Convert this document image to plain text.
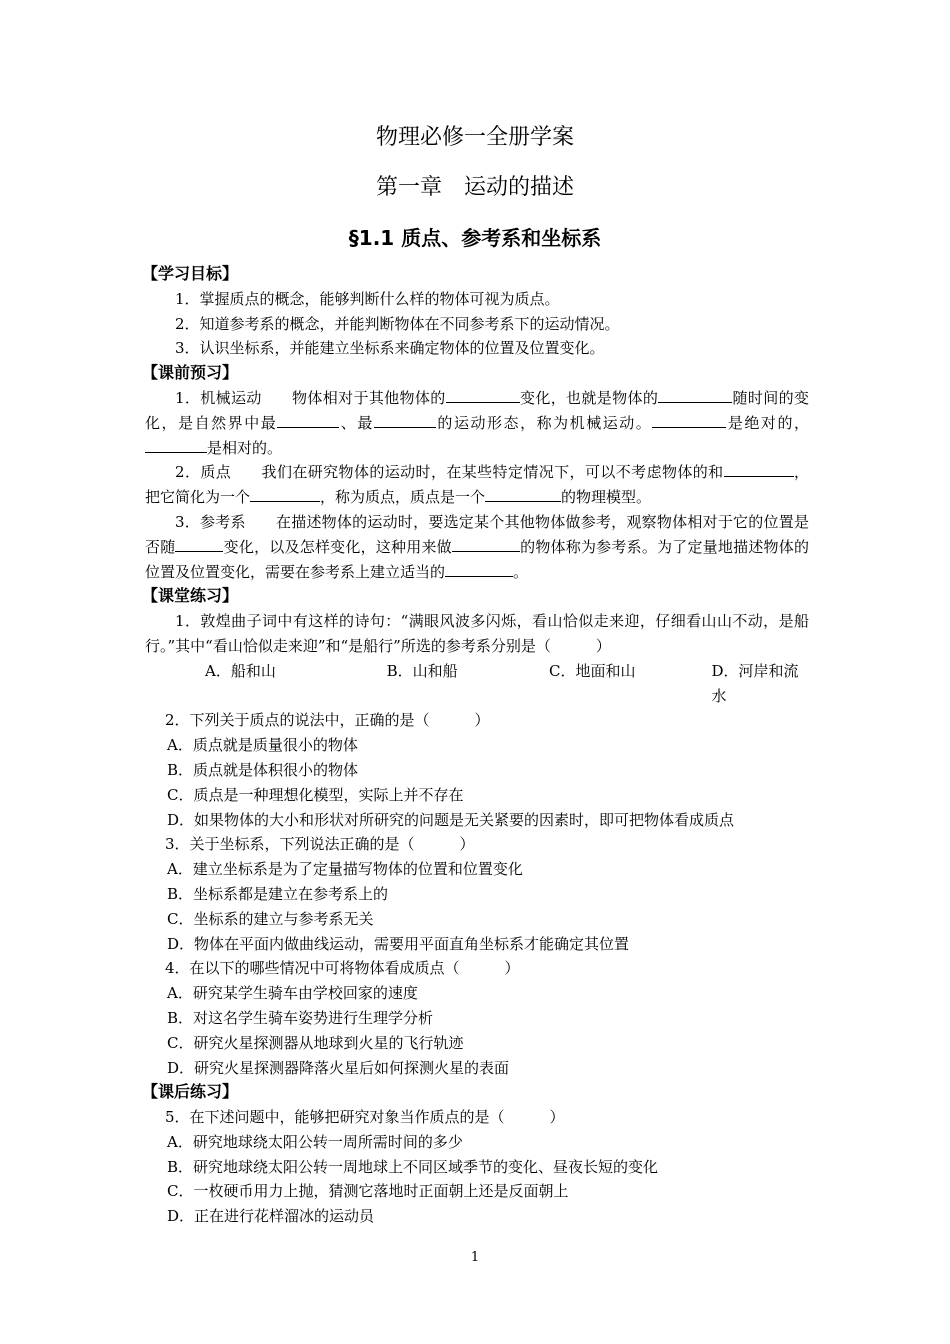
物理必修一全册学案
第一章　运动的描述
§1.1 质点、参考系和坐标系
【学习目标】
1．掌握质点的概念，能够判断什么样的物体可视为质点。
2．知道参考系的概念，并能判断物体在不同参考系下的运动情况。
3．认识坐标系，并能建立坐标系来确定物体的位置及位置变化。
【课前预习】
1．机械运动 物体相对于其他物体的	变化，也就是物体的	随时间的变化，是自然界中最	、最	的运动形态，称为机械运动。	是绝对的，是相对的。
2．质点 我们在研究物体的运动时，在某些特定情况下，可以不考虑物体的和	，把它简化为一个	，称为质点，质点是一个	的物理模型。
3．参考系 在描述物体的运动时，要选定某个其他物体做参考，观察物体相对于它的位置是否随	变化，以及怎样变化，这种用来做	的物体称为参考系。为了定量地描述物体的位置及位置变化，需要在参考系上建立适当的	。
【课堂练习】
1．敦煌曲子词中有这样的诗句：“满眼风波多闪烁，看山恰似走来迎，仔细看山山不动，是船行。”其中“看山恰似走来迎”和“是船行”所选的参考系分别是（　　　）
A．船和山	B．山和船	C．地面和山	D．河岸和流水
2．下列关于质点的说法中，正确的是（　　　）
A．质点就是质量很小的物体
B．质点就是体积很小的物体
C．质点是一种理想化模型，实际上并不存在
D．如果物体的大小和形状对所研究的问题是无关紧要的因素时，即可把物体看成质点
3．关于坐标系，下列说法正确的是（　　　）
A．建立坐标系是为了定量描写物体的位置和位置变化
B．坐标系都是建立在参考系上的
C．坐标系的建立与参考系无关
D．物体在平面内做曲线运动，需要用平面直角坐标系才能确定其位置
4．在以下的哪些情况中可将物体看成质点（　　　）
A．研究某学生骑车由学校回家的速度
B．对这名学生骑车姿势进行生理学分析
C．研究火星探测器从地球到火星的飞行轨迹
D．研究火星探测器降落火星后如何探测火星的表面
【课后练习】
5．在下述问题中，能够把研究对象当作质点的是（　　　）
A．研究地球绕太阳公转一周所需时间的多少
B．研究地球绕太阳公转一周地球上不同区域季节的变化、昼夜长短的变化
C．一枚硬币用力上抛，猜测它落地时正面朝上还是反面朝上
D．正在进行花样溜冰的运动员
1
